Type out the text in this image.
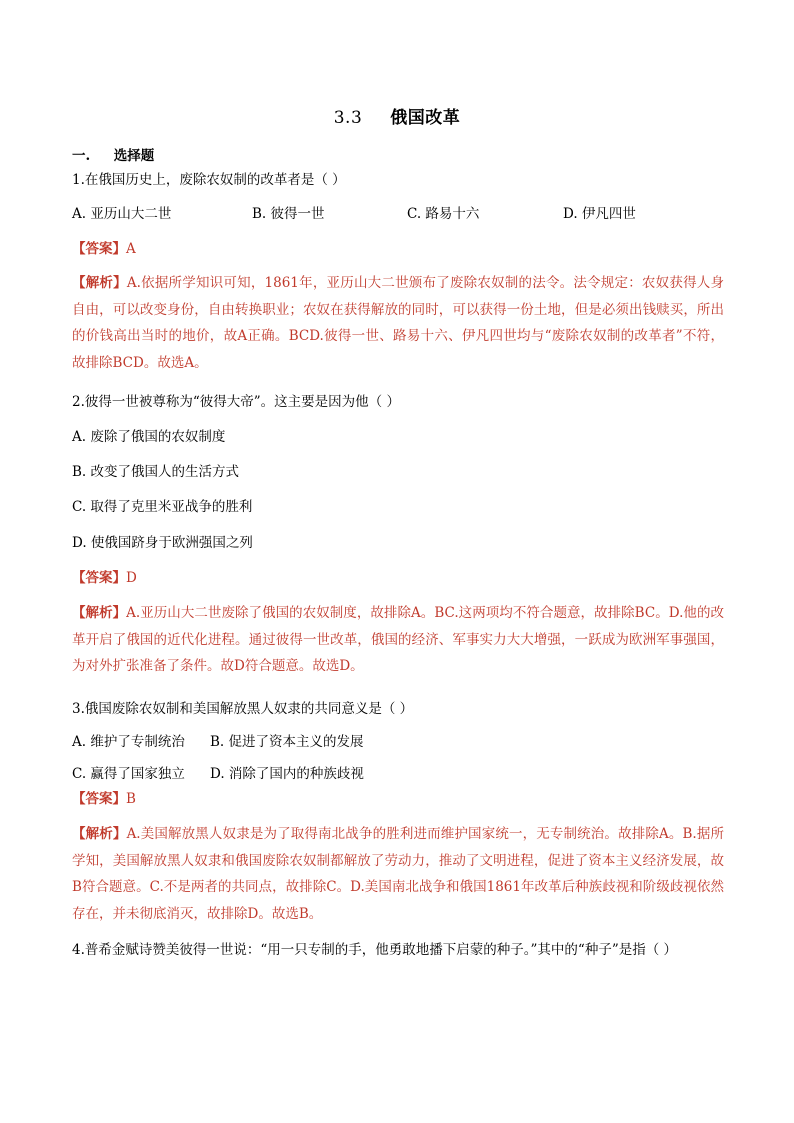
3.3 俄国改革
一. 选择题
1.在俄国历史上，废除农奴制的改革者是（ ）
A. 亚历山大二世	B. 彼得一世	C. 路易十六	D. 伊凡四世
【答案】A
【解析】A.依据所学知识可知，1861年，亚历山大二世颁布了废除农奴制的法令。法令规定：农奴获得人身自由，可以改变身份，自由转换职业；农奴在获得解放的同时，可以获得一份土地，但是必须出钱赎买，所出的价钱高出当时的地价，故A正确。BCD.彼得一世、路易十六、伊凡四世均与“废除农奴制的改革者”不符，故排除BCD。故选A。
2.彼得一世被尊称为“彼得大帝”。这主要是因为他（ ）
A. 废除了俄国的农奴制度
B. 改变了俄国人的生活方式
C. 取得了克里米亚战争的胜利
D. 使俄国跻身于欧洲强国之列
【答案】D
【解析】A.亚历山大二世废除了俄国的农奴制度，故排除A。BC.这两项均不符合题意，故排除BC。D.他的改革开启了俄国的近代化进程。通过彼得一世改革，俄国的经济、军事实力大大增强，一跃成为欧洲军事强国，为对外扩张准备了条件。故D符合题意。故选D。
3.俄国废除农奴制和美国解放黑人奴隶的共同意义是（ ）
A. 维护了专制统治 B. 促进了资本主义的发展
C. 赢得了国家独立 D. 消除了国内的种族歧视
【答案】B
【解析】A.美国解放黑人奴隶是为了取得南北战争的胜利进而维护国家统一，无专制统治。故排除A。B.据所学知，美国解放黑人奴隶和俄国废除农奴制都解放了劳动力，推动了文明进程，促进了资本主义经济发展，故B符合题意。C.不是两者的共同点，故排除C。D.美国南北战争和俄国1861年改革后种族歧视和阶级歧视依然存在，并未彻底消灭，故排除D。故选B。
4.普希金赋诗赞美彼得一世说：“用一只专制的手，他勇敢地播下启蒙的种子。”其中的“种子”是指（ ）
